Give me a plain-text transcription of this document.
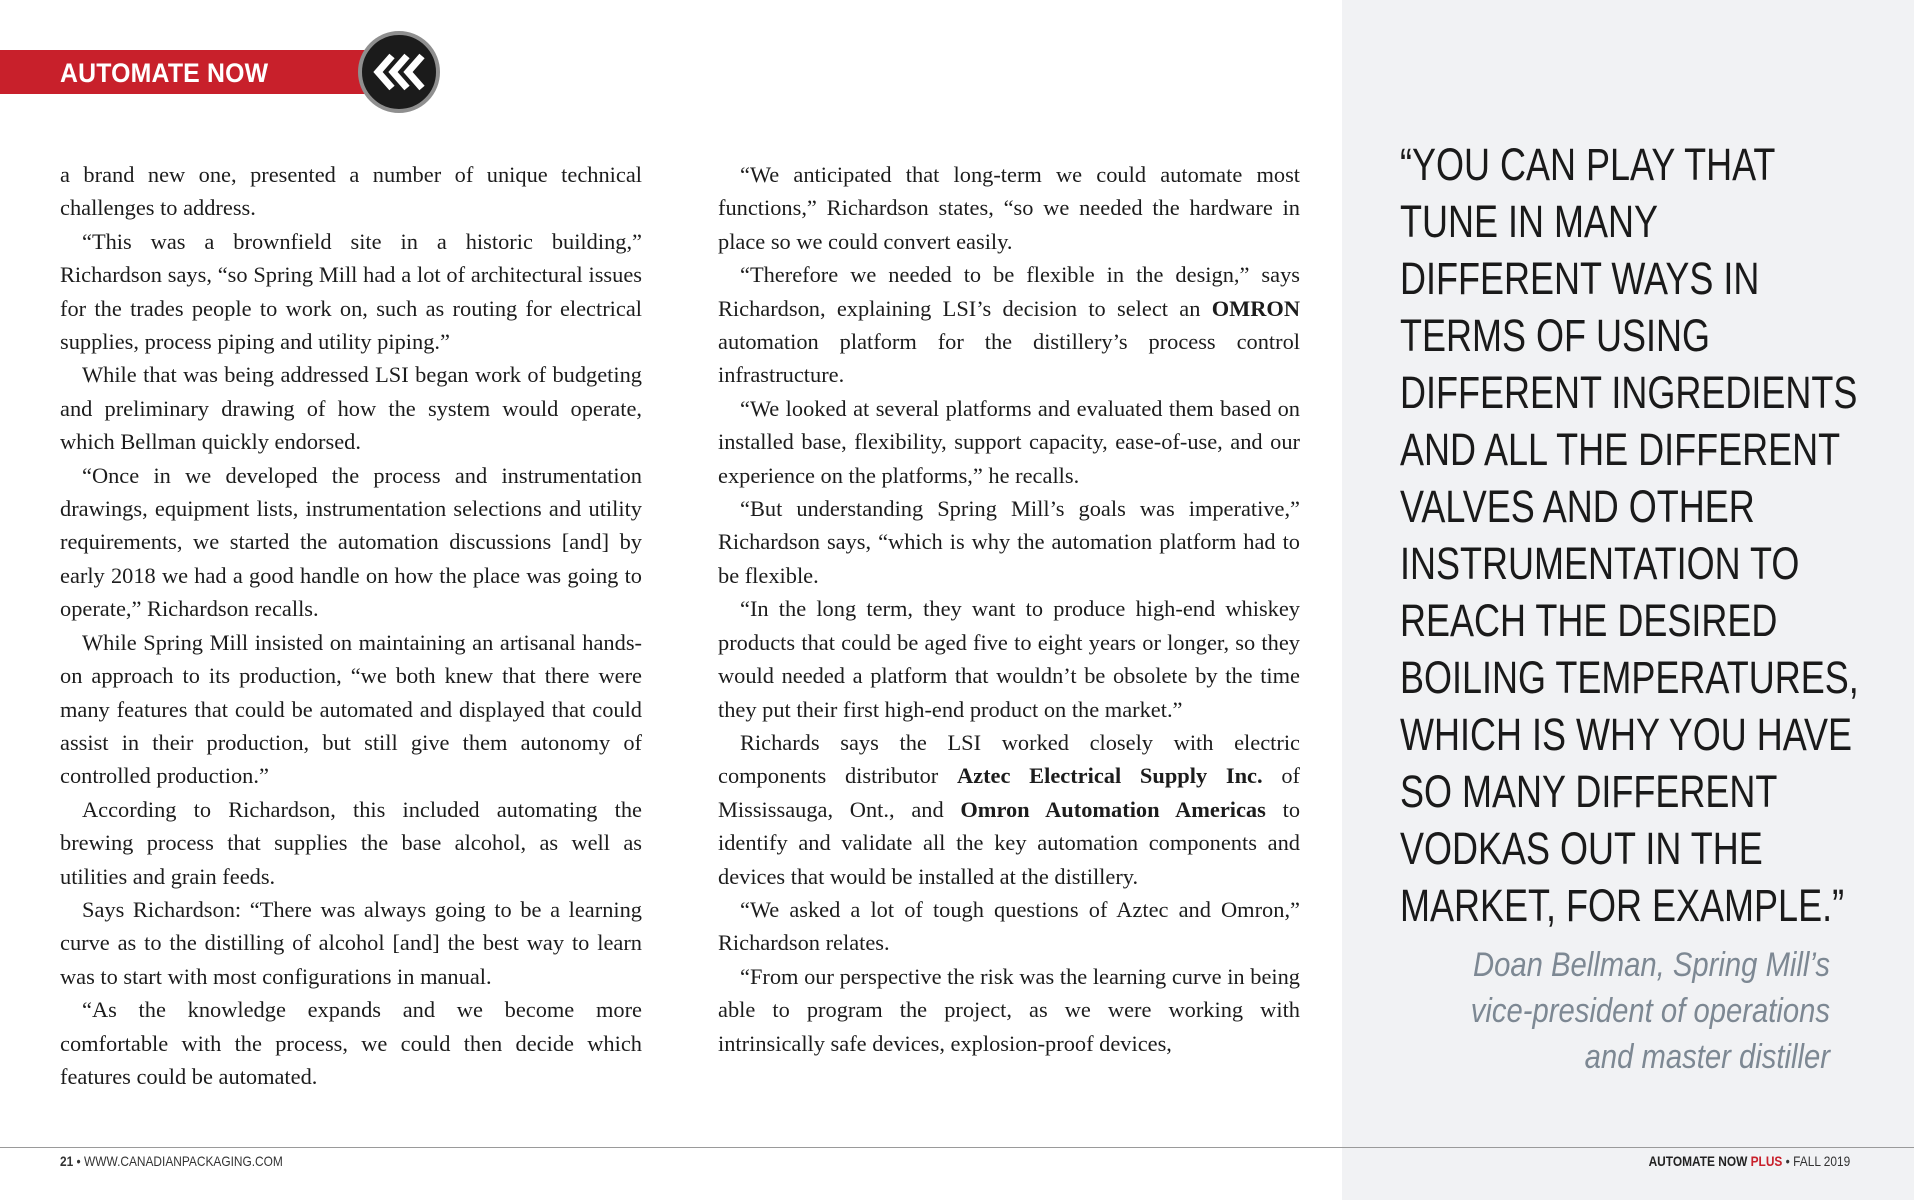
AUTOMATE NOW

a brand new one, presented a number of unique technical challenges to address.

“This was a brownfield site in a historic building,” Richardson says, “so Spring Mill had a lot of architectural issues for the trades people to work on, such as routing for electrical supplies, process piping and utility piping.”

While that was being addressed LSI began work of budgeting and preliminary drawing of how the system would operate, which Bellman quickly endorsed.

“Once in we developed the process and instrumentation drawings, equipment lists, instrumentation selections and utility requirements, we started the automation discussions [and] by early 2018 we had a good handle on how the place was going to operate,” Richardson recalls.

While Spring Mill insisted on maintaining an artisanal hands-on approach to its production, “we both knew that there were many features that could be automated and displayed that could assist in their production, but still give them autonomy of controlled production.”

According to Richardson, this included automating the brewing process that supplies the base alcohol, as well as utilities and grain feeds.

Says Richardson: “There was always going to be a learning curve as to the distilling of alcohol [and] the best way to learn was to start with most configurations in manual.

“As the knowledge expands and we become more comfortable with the process, we could then decide which features could be automated.

“We anticipated that long-term we could automate most functions,” Richardson states, “so we needed the hardware in place so we could convert easily.

“Therefore we needed to be flexible in the design,” says Richardson, explaining LSI’s decision to select an OMRON automation platform for the distillery’s process control infrastructure.

“We looked at several platforms and evaluated them based on installed base, flexibility, support capacity, ease-of-use, and our experience on the platforms,” he recalls.

“But understanding Spring Mill’s goals was imperative,” Richardson says, “which is why the automation platform had to be flexible.

“In the long term, they want to produce high-end whiskey products that could be aged five to eight years or longer, so they would needed a platform that wouldn’t be obsolete by the time they put their first high-end product on the market.”

Richards says the LSI worked closely with electric components distributor Aztec Electrical Supply Inc. of Mississauga, Ont., and Omron Automation Americas to identify and validate all the key automation components and devices that would be installed at the distillery.

“We asked a lot of tough questions of Aztec and Omron,” Richardson relates.

“From our perspective the risk was the learning curve in being able to program the project, as we were working with intrinsically safe devices, explosion-proof devices,

“YOU CAN PLAY THAT TUNE IN MANY DIFFERENT WAYS IN TERMS OF USING DIFFERENT INGREDIENTS AND ALL THE DIFFERENT VALVES AND OTHER INSTRUMENTATION TO REACH THE DESIRED BOILING TEMPERATURES, WHICH IS WHY YOU HAVE SO MANY DIFFERENT VODKAS OUT IN THE MARKET, FOR EXAMPLE.”
Doan Bellman, Spring Mill’s
vice-president of operations
and master distiller
21 • WWW.CANADIANPACKAGING.COM	AUTOMATE NOW PLUS • FALL 2019
